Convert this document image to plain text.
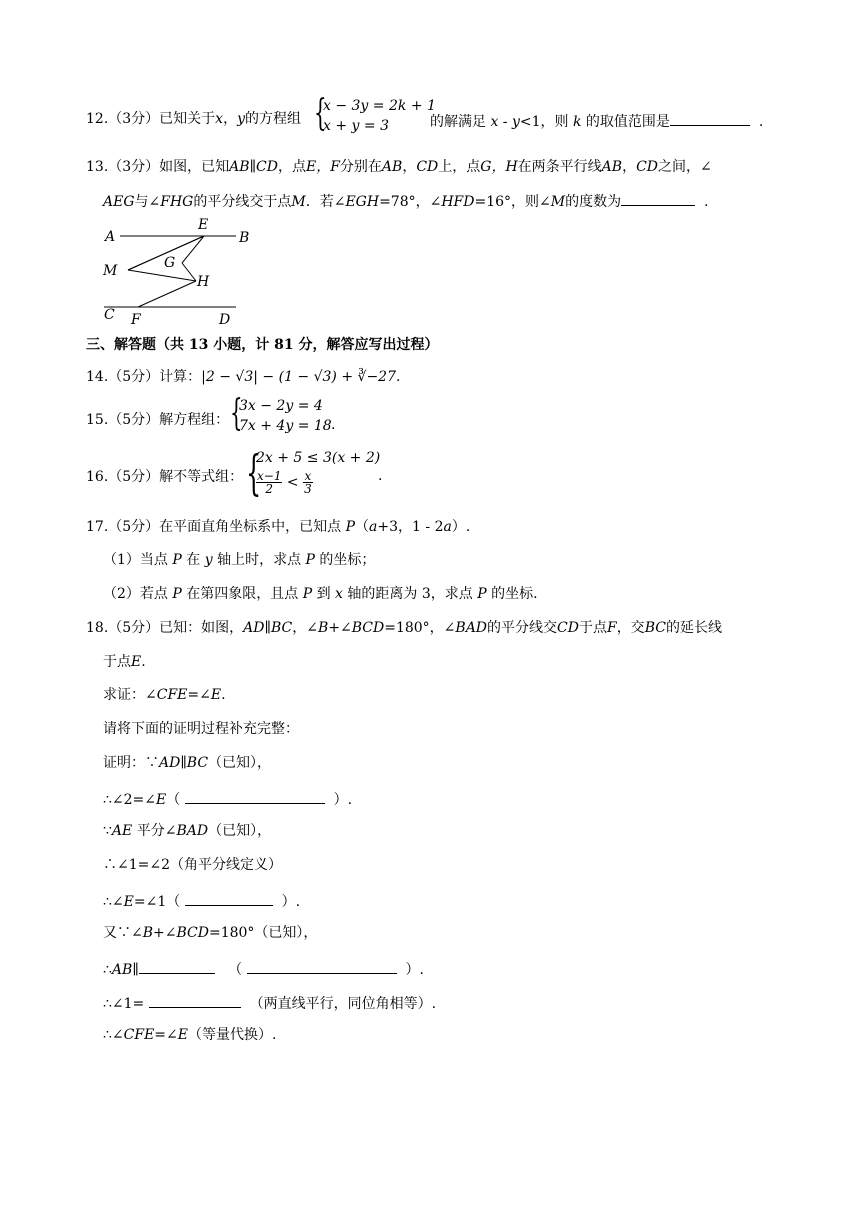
12.（3分）已知关于x，y的方程组 {
x − 3y = 2k + 1
x + y = 3	的解满足 x - y<1，则 k 的取值范围是	.
13.（3分）如图，已知AB∥CD，点E，F分别在AB，CD上，点G，H在两条平行线AB，CD之间，∠
AEG与∠FHG的平分线交于点M．若∠EGH=78°，∠HFD=16°，则∠M的度数为	.
A
E
B
M	G
H
C F	D
三、解答题（共 13 小题，计 81 分，解答应写出过程）
14.（5分）计算：|2 − √3| − (1 − √3) + ∛−27.
15.（5分）解方程组： {
3x − 2y = 4
7x + 4y = 18 .
16.（5分）解不等式组： {
2x + 5 ≤ 3(x + 2)
$\frac{x-1}{2} < \frac{x}{3}$	.
17.（5分）在平面直角坐标系中，已知点 P（a+3，1 - 2a）.
（1）当点 P 在 y 轴上时，求点 P 的坐标；
（2）若点 P 在第四象限，且点 P 到 x 轴的距离为 3，求点 P 的坐标.
18.（5分）已知：如图，AD∥BC，∠B+∠BCD=180°，∠BAD的平分线交CD于点F，交BC的延长线
于点E.
求证：∠CFE=∠E.
请将下面的证明过程补充完整：
证明：∵AD∥BC（已知），
∴∠2=∠E（	）.
∵AE 平分∠BAD（已知），
∴∠1=∠2（角平分线定义）
∴∠E=∠1（	）.
又∵∠B+∠BCD=180°（已知），
∴AB∥	（	）.
∴∠1=	（两直线平行，同位角相等）.
∴∠CFE=∠E（等量代换）.
